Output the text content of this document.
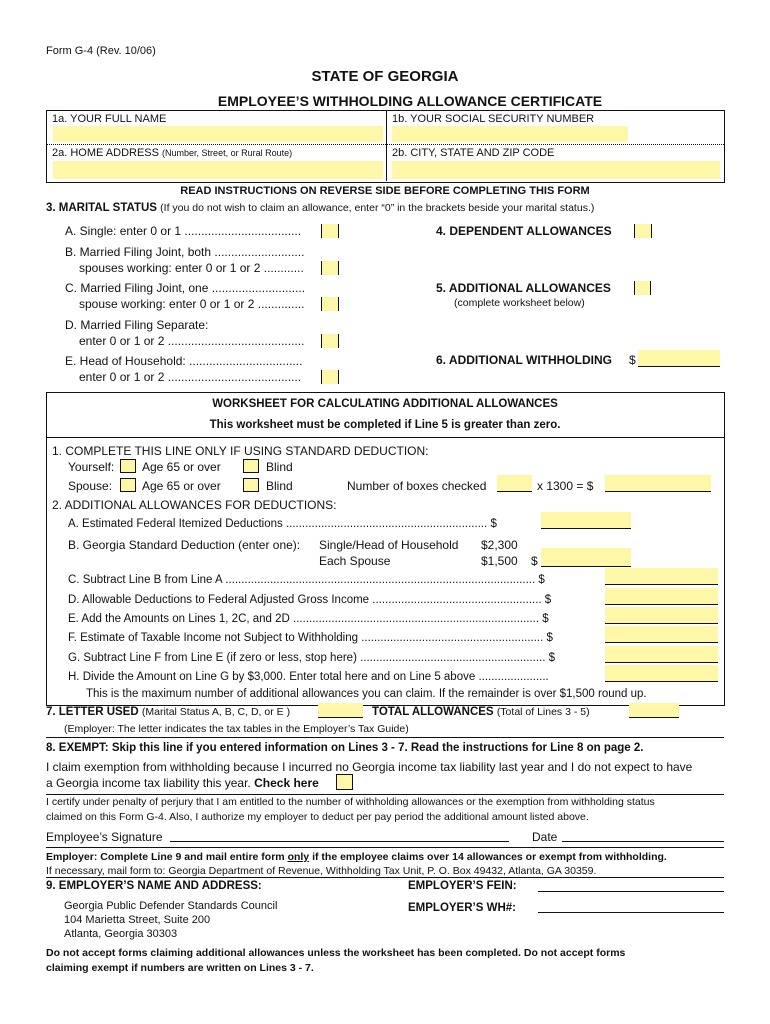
Form G-4 (Rev. 10/06)
STATE OF GEORGIA
EMPLOYEE’S WITHHOLDING ALLOWANCE CERTIFICATE
1a. YOUR FULL NAME	1b. YOUR SOCIAL SECURITY NUMBER
2a. HOME ADDRESS (Number, Street, or Rural Route)	2b. CITY, STATE AND ZIP CODE
READ INSTRUCTIONS ON REVERSE SIDE BEFORE COMPLETING THIS FORM
3. MARITAL STATUS (If you do not wish to claim an allowance, enter “0” in the brackets beside your marital status.)
A. Single: enter 0 or 1 ...................................
B. Married Filing Joint, both ...........................
spouses working: enter 0 or 1 or 2 ............
C. Married Filing Joint, one ............................
spouse working: enter 0 or 1 or 2 ..............
D. Married Filing Separate:
enter 0 or 1 or 2 .........................................
E. Head of Household: ..................................
enter 0 or 1 or 2 ........................................
4. DEPENDENT ALLOWANCES
5. ADDITIONAL ALLOWANCES
(complete worksheet below)
6. ADDITIONAL WITHHOLDING $
WORKSHEET FOR CALCULATING ADDITIONAL ALLOWANCES
This worksheet must be completed if Line 5 is greater than zero.
1. COMPLETE THIS LINE ONLY IF USING STANDARD DEDUCTION:
Yourself: Age 65 or over	Blind
Spouse: Age 65 or over	Blind	Number of boxes checked	x 1300 = $
2. ADDITIONAL ALLOWANCES FOR DEDUCTIONS:
A. Estimated Federal Itemized Deductions ............................................................... $
B. Georgia Standard Deduction (enter one): Single/Head of Household $2,300
Each Spouse	$1,500 $
C. Subtract Line B from Line A ................................................................................................. $
D. Allowable Deductions to Federal Adjusted Gross Income ..................................................... $
E. Add the Amounts on Lines 1, 2C, and 2D ............................................................................. $
F. Estimate of Taxable Income not Subject to Withholding ......................................................... $
G. Subtract Line F from Line E (if zero or less, stop here) .......................................................... $
H. Divide the Amount on Line G by $3,000. Enter total here and on Line 5 above ......................
This is the maximum number of additional allowances you can claim. If the remainder is over $1,500 round up.
7. LETTER USED (Marital Status A, B, C, D, or E )	TOTAL ALLOWANCES (Total of Lines 3 - 5)
(Employer: The letter indicates the tax tables in the Employer’s Tax Guide)
8. EXEMPT: Skip this line if you entered information on Lines 3 - 7. Read the instructions for Line 8 on page 2.
I claim exemption from withholding because I incurred no Georgia income tax liability last year and I do not expect to have
a Georgia income tax liability this year. Check here
I certify under penalty of perjury that I am entitled to the number of withholding allowances or the exemption from withholding status
claimed on this Form G-4. Also, I authorize my employer to deduct per pay period the additional amount listed above.
Employee’s Signature	Date
Employer: Complete Line 9 and mail entire form only if the employee claims over 14 allowances or exempt from withholding.
If necessary, mail form to: Georgia Department of Revenue, Withholding Tax Unit, P. O. Box 49432, Atlanta, GA 30359.
9. EMPLOYER’S NAME AND ADDRESS:	EMPLOYER’S FEIN:
Georgia Public Defender Standards Council	EMPLOYER’S WH#:
104 Marietta Street, Suite 200
Atlanta, Georgia 30303
Do not accept forms claiming additional allowances unless the worksheet has been completed. Do not accept forms
claiming exempt if numbers are written on Lines 3 - 7.
